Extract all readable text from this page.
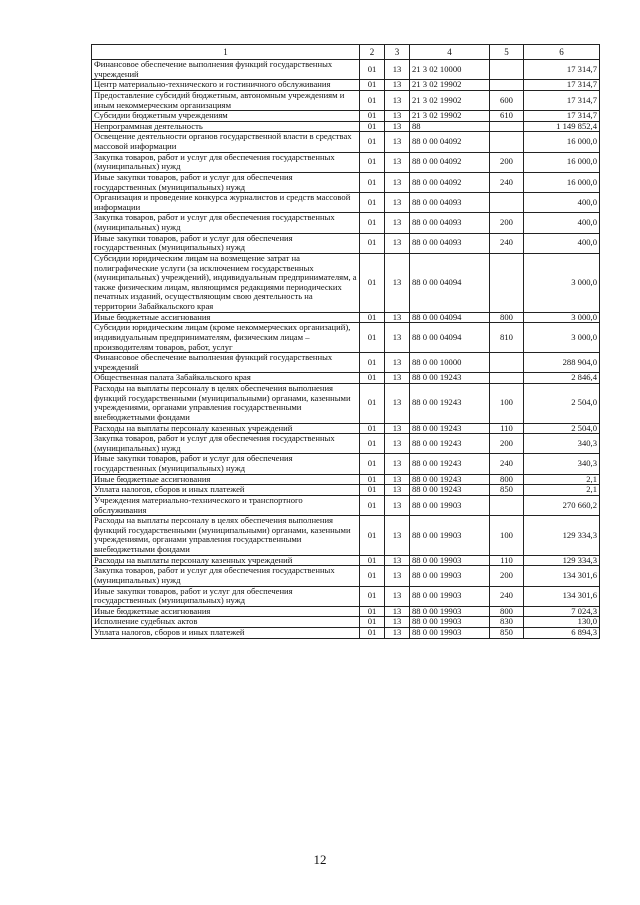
1	2	3	4	5	6
Финансовое обеспечение выполнения функций государственных учреждений	01	13	21 3 02 10000		17 314,7
Центр материально-технического и гостиничного обслуживания	01	13	21 3 02 19902		17 314,7
Предоставление субсидий бюджетным, автономным учреждениям и иным некоммерческим организациям	01	13	21 3 02 19902	600	17 314,7
Субсидии бюджетным учреждениям	01	13	21 3 02 19902	610	17 314,7
Непрограммная деятельность	01	13	88		1 149 852,4
Освещение деятельности органов государственной власти в средствах массовой информации	01	13	88 0 00 04092		16 000,0
Закупка товаров, работ и услуг для обеспечения государственных (муниципальных) нужд	01	13	88 0 00 04092	200	16 000,0
Иные закупки товаров, работ и услуг для обеспечения государственных (муниципальных) нужд	01	13	88 0 00 04092	240	16 000,0
Организация и проведение конкурса журналистов и средств массовой информации	01	13	88 0 00 04093		400,0
Закупка товаров, работ и услуг для обеспечения государственных (муниципальных) нужд	01	13	88 0 00 04093	200	400,0
Иные закупки товаров, работ и услуг для обеспечения государственных (муниципальных) нужд	01	13	88 0 00 04093	240	400,0
Субсидии юридическим лицам на возмещение затрат на полиграфические услуги (за исключением государственных (муниципальных) учреждений), индивидуальным предпринимателям, а также физическим лицам, являющимся редакциями периодических печатных изданий, осуществляющим свою деятельность на территории Забайкальского края	01	13	88 0 00 04094		3 000,0
Иные бюджетные ассигнования	01	13	88 0 00 04094	800	3 000,0
Субсидии юридическим лицам (кроме некоммерческих организаций), индивидуальным предпринимателям, физическим лицам – производителям товаров, работ, услуг	01	13	88 0 00 04094	810	3 000,0
Финансовое обеспечение выполнения функций государственных учреждений	01	13	88 0 00 10000		288 904,0
Общественная палата Забайкальского края	01	13	88 0 00 19243		2 846,4
Расходы на выплаты персоналу в целях обеспечения выполнения функций государственными (муниципальными) органами, казенными учреждениями, органами управления государственными внебюджетными фондами	01	13	88 0 00 19243	100	2 504,0
Расходы на выплаты персоналу казенных учреждений	01	13	88 0 00 19243	110	2 504,0
Закупка товаров, работ и услуг для обеспечения государственных (муниципальных) нужд	01	13	88 0 00 19243	200	340,3
Иные закупки товаров, работ и услуг для обеспечения государственных (муниципальных) нужд	01	13	88 0 00 19243	240	340,3
Иные бюджетные ассигнования	01	13	88 0 00 19243	800	2,1
Уплата налогов, сборов и иных платежей	01	13	88 0 00 19243	850	2,1
Учреждения материально-технического и транспортного обслуживания	01	13	88 0 00 19903		270 660,2
Расходы на выплаты персоналу в целях обеспечения выполнения функций государственными (муниципальными) органами, казенными учреждениями, органами управления государственными внебюджетными фондами	01	13	88 0 00 19903	100	129 334,3
Расходы на выплаты персоналу казенных учреждений	01	13	88 0 00 19903	110	129 334,3
Закупка товаров, работ и услуг для обеспечения государственных (муниципальных) нужд	01	13	88 0 00 19903	200	134 301,6
Иные закупки товаров, работ и услуг для обеспечения государственных (муниципальных) нужд	01	13	88 0 00 19903	240	134 301,6
Иные бюджетные ассигнования	01	13	88 0 00 19903	800	7 024,3
Исполнение судебных актов	01	13	88 0 00 19903	830	130,0
Уплата налогов, сборов и иных платежей	01	13	88 0 00 19903	850	6 894,3
12
